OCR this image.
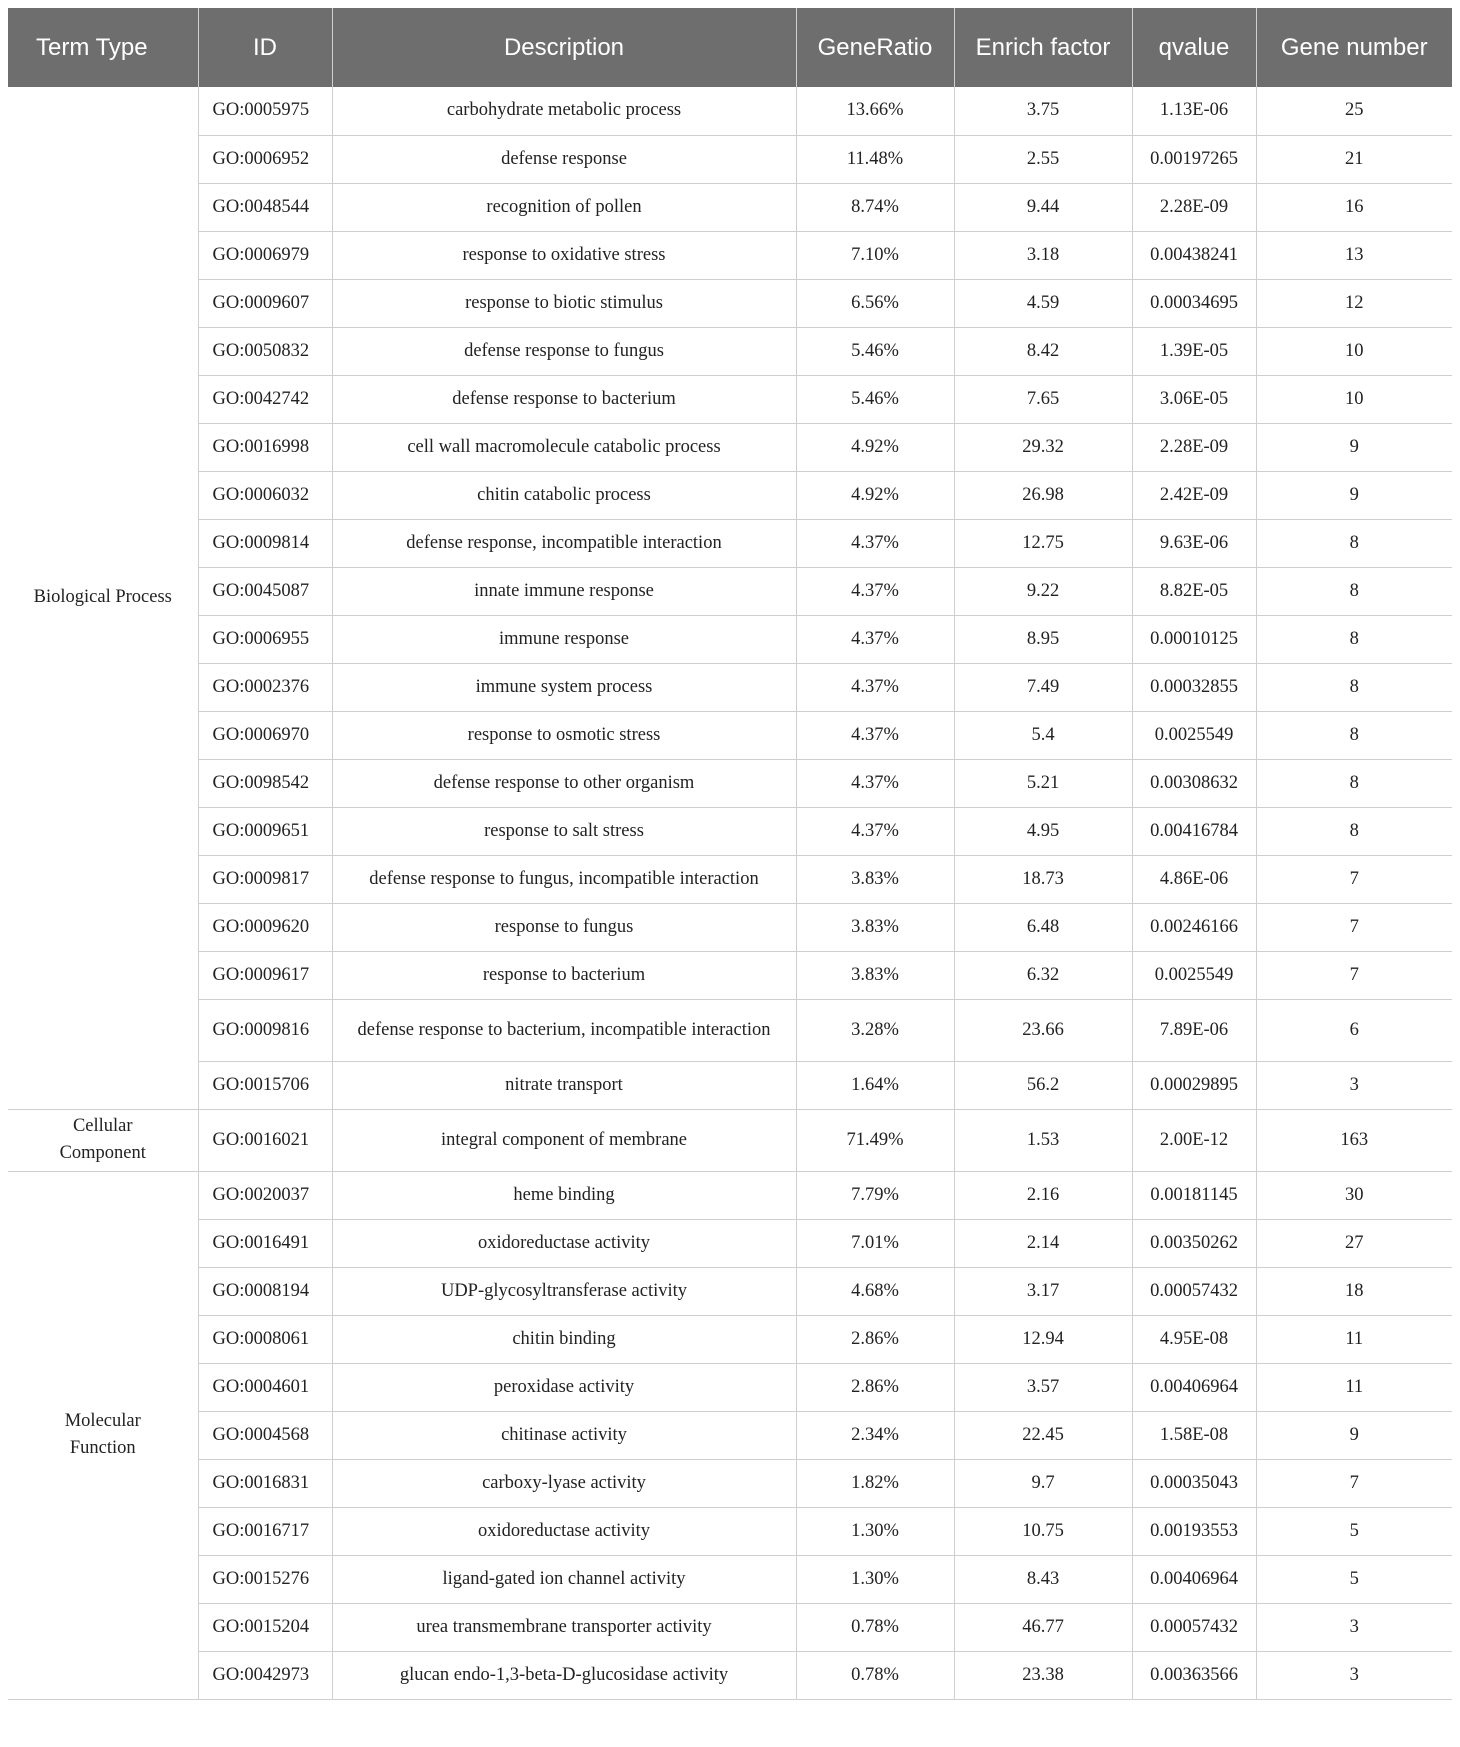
Term Type	ID	Description	GeneRatio	Enrich factor	qvalue	Gene number
Biological Process	GO:0005975	carbohydrate metabolic process	13.66%	3.75	1.13E-06	25
	GO:0006952	defense response	11.48%	2.55	0.00197265	21
	GO:0048544	recognition of pollen	8.74%	9.44	2.28E-09	16
	GO:0006979	response to oxidative stress	7.10%	3.18	0.00438241	13
	GO:0009607	response to biotic stimulus	6.56%	4.59	0.00034695	12
	GO:0050832	defense response to fungus	5.46%	8.42	1.39E-05	10
	GO:0042742	defense response to bacterium	5.46%	7.65	3.06E-05	10
	GO:0016998	cell wall macromolecule catabolic process	4.92%	29.32	2.28E-09	9
	GO:0006032	chitin catabolic process	4.92%	26.98	2.42E-09	9
	GO:0009814	defense response, incompatible interaction	4.37%	12.75	9.63E-06	8
	GO:0045087	innate immune response	4.37%	9.22	8.82E-05	8
	GO:0006955	immune response	4.37%	8.95	0.00010125	8
	GO:0002376	immune system process	4.37%	7.49	0.00032855	8
	GO:0006970	response to osmotic stress	4.37%	5.4	0.0025549	8
	GO:0098542	defense response to other organism	4.37%	5.21	0.00308632	8
	GO:0009651	response to salt stress	4.37%	4.95	0.00416784	8
	GO:0009817	defense response to fungus, incompatible interaction	3.83%	18.73	4.86E-06	7
	GO:0009620	response to fungus	3.83%	6.48	0.00246166	7
	GO:0009617	response to bacterium	3.83%	6.32	0.0025549	7
	GO:0009816	defense response to bacterium, incompatible interaction	3.28%	23.66	7.89E-06	6
	GO:0015706	nitrate transport	1.64%	56.2	0.00029895	3
Cellular Component	GO:0016021	integral component of membrane	71.49%	1.53	2.00E-12	163
Molecular Function	GO:0020037	heme binding	7.79%	2.16	0.00181145	30
	GO:0016491	oxidoreductase activity	7.01%	2.14	0.00350262	27
	GO:0008194	UDP-glycosyltransferase activity	4.68%	3.17	0.00057432	18
	GO:0008061	chitin binding	2.86%	12.94	4.95E-08	11
	GO:0004601	peroxidase activity	2.86%	3.57	0.00406964	11
	GO:0004568	chitinase activity	2.34%	22.45	1.58E-08	9
	GO:0016831	carboxy-lyase activity	1.82%	9.7	0.00035043	7
	GO:0016717	oxidoreductase activity	1.30%	10.75	0.00193553	5
	GO:0015276	ligand-gated ion channel activity	1.30%	8.43	0.00406964	5
	GO:0015204	urea transmembrane transporter activity	0.78%	46.77	0.00057432	3
	GO:0042973	glucan endo-1,3-beta-D-glucosidase activity	0.78%	23.38	0.00363566	3
